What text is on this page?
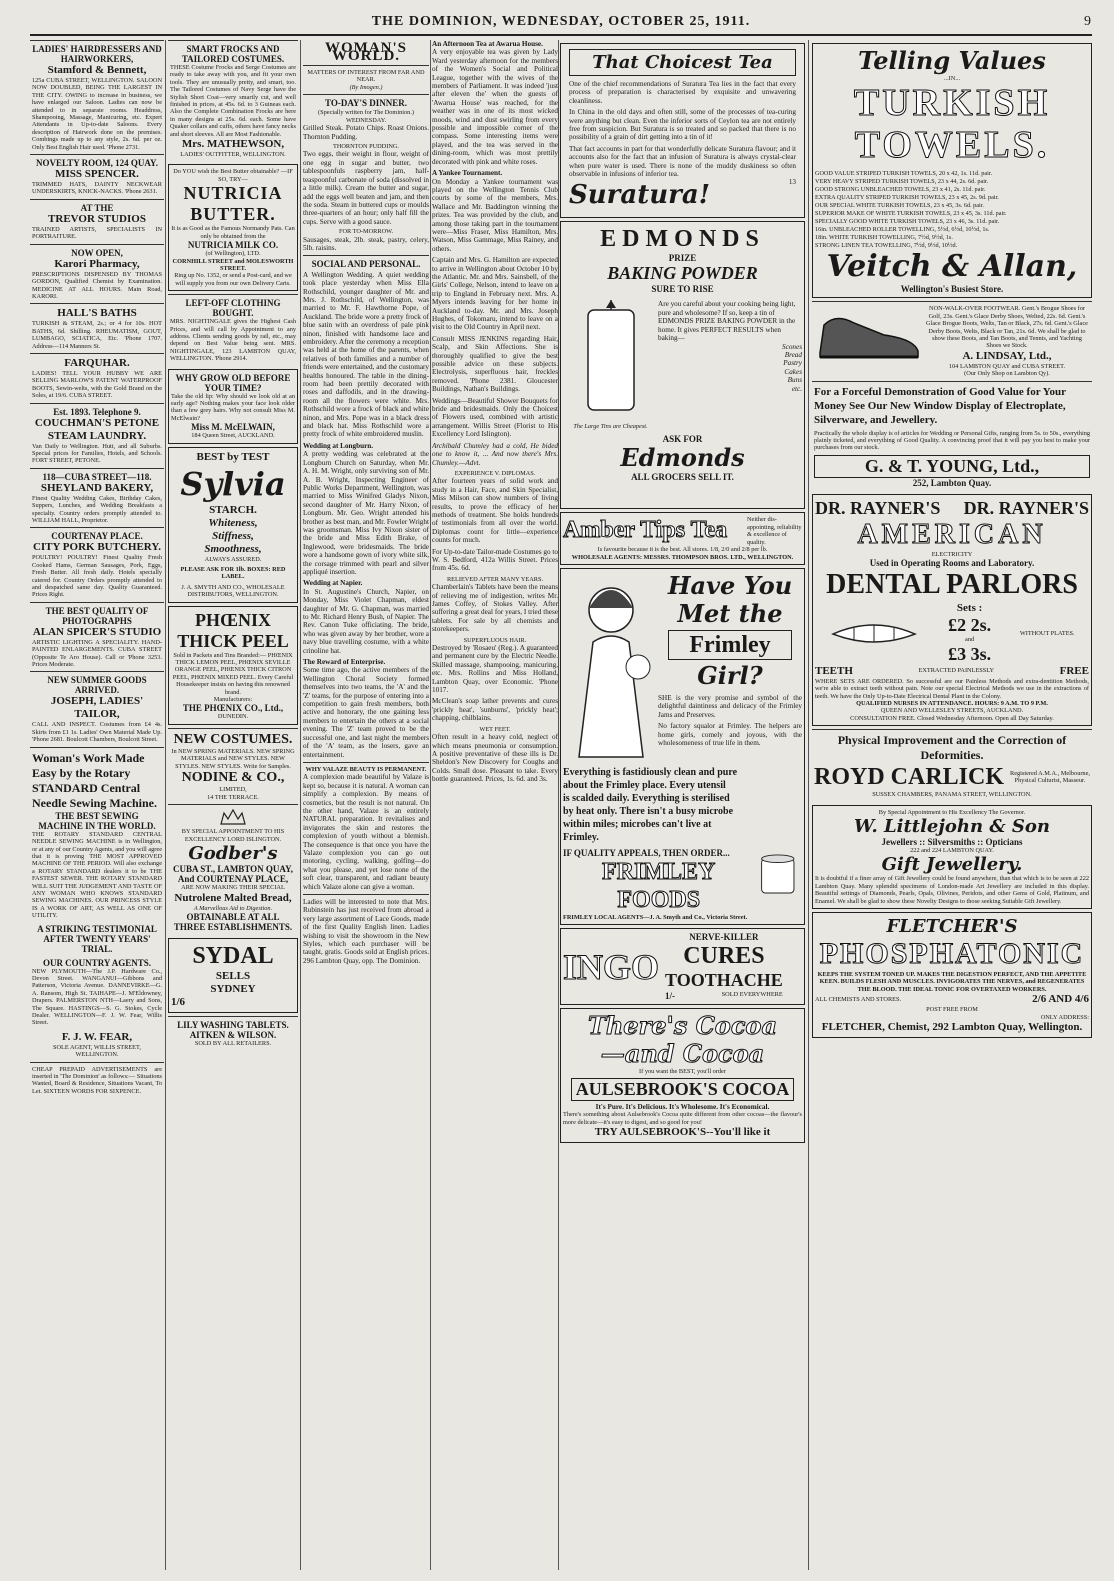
THE DOMINION, WEDNESDAY, OCTOBER 25, 1911.	9
LADIES' HAIRDRESSERS AND HAIRWORKERS,
Stamford & Bennett,
125a CUBA STREET, WELLINGTON. SALOON NOW DOUBLED, BEING THE LARGEST IN THE CITY. OWING to increase in business, we have enlarged our Saloon. Ladies can now be attended to in separate rooms. Headdress, Shampooing, Massage, Manicuring, etc. Expert Attendants in Up-to-date Saloons. Every description of Hairwork done on the premises. Combings made up to any style, 2s. 6d. per oz. Only Best English Hair used. 'Phone 2731.
NOVELTY ROOM, 124 QUAY.
MISS SPENCER.
TRIMMED HATS, DAINTY NECKWEAR UNDERSKIRTS, KNICK-NACKS. 'Phone 2631.
AT THE
TREVOR STUDIOS
TRAINED ARTISTS, SPECIALISTS IN PORTRAITURE.
NOW OPEN,
Karori Pharmacy,
PRESCRIPTIONS DISPENSED BY THOMAS GORDON, Qualified Chemist by Examination. MEDICINE AT ALL HOURS. Main Road, KARORI.
HALL'S BATHS
TURKISH & STEAM, 2s.; or 4 for 10s. HOT BATHS, 6d. Shilling. RHEUMATISM, GOUT, LUMBAGO, SCIATICA, Etc. 'Phone 1707. Address—114 Manners St.
FARQUHAR.
LADIES! TELL YOUR HUBBY WE ARE SELLING MARLOW'S PATENT WATERPROOF BOOTS, Sewin-welts, with the Gold Brand on the Soles, at 19/6. CUBA STREET.
Est. 1893. Telephone 9.
COUCHMAN'S PETONE STEAM LAUNDRY.
Van Daily to Wellington. Hutt, and all Suburbs. Special prices for Families, Hotels, and Schools. FORT STREET, PETONE.
118—CUBA STREET—118.
SHEYLAND BAKERY,
Finest Quality Wedding Cakes, Birthday Cakes, Suppers, Lunches, and Wedding Breakfasts a specialty. Country orders promptly attended to. WILLIAM HALL, Proprietor.
COURTENAY PLACE.
CITY PORK BUTCHERY.
POULTRY! POULTRY! Finest Quality Fresh Cooked Hams, German Sausages, Pork, Eggs, Fresh Butter. All fresh daily. Hotels specially catered for. Country Orders promptly attended to and despatched same day. Quality Guaranteed. Prices Right.
THE BEST QUALITY OF PHOTOGRAPHS
ALAN SPICER'S STUDIO
ARTISTIC LIGHTING A SPECIALITY. HAND-PAINTED ENLARGEMENTS. CUBA STREET (Opposite Te Aro House). Call or 'Phone 3253. Prices Moderate.
NEW SUMMER GOODS ARRIVED.
JOSEPH, LADIES' TAILOR,
CALL AND INSPECT. Costumes from £4 4s. Skirts from £1 1s. Ladies' Own Material Made Up. 'Phone 2681. Boulcott Chambers, Boulcott Street.
Woman's Work Made Easy by the Rotary STANDARD Central Needle Sewing Machine.
THE BEST SEWING MACHINE IN THE WORLD.
THE ROTARY STANDARD CENTRAL NEEDLE SEWING MACHINE is in Wellington, or at any of our Country Agents, and you will agree that it is proving THE MOST APPROVED MACHINE OF THE PERIOD. Will also exchange a ROTARY STANDARD dealers it to be THE FASTEST SEWER. THE ROTARY STANDARD WILL SUIT THE JUDGEMENT AND TASTE OF ANY WOMAN WHO KNOWS STANDARD SEWING MACHINES. OUR PRINCESS STYLE IS A WORK OF ART, AS WELL AS ONE OF UTILITY.
A STRIKING TESTIMONIAL AFTER TWENTY YEARS' TRIAL.
OUR COUNTRY AGENTS.
NEW PLYMOUTH—The J.P. Hardware Co., Devon Street. WANGANUI—Gibbons and Patterson, Victoria Avenue. DANNEVIRKE—G. A. Ransom, High St. TAIHAPE—J. M'Eldowney, Drapers. PALMERSTON NTH—Laery and Sons, The Square. HASTINGS—S. G. Stokes, Cycle Dealer. WELLINGTON—F. J. W. Fear, Willis Street.
F. J. W. FEAR,
SOLE AGENT, WILLIS STREET, WELLINGTON.
CHEAP PREPAID ADVERTISEMENTS are inserted in 'The Dominion' as follows:— Situations Wanted, Board & Residence, Situations Vacant, To Let. SIXTEEN WORDS FOR SIXPENCE.
SMART FROCKS AND TAILORED COSTUMES.
THESE Costume Frocks and Serge Costumes are ready to take away with you, and fit your own tools. They are unusually pretty, and smart, too. The Tailored Costumes of Navy Serge have the Stylish Short Coat—very smartly cut, and well finished in prices, at 45s. 6d. to 3 Guineas each. Also the Complete Combination Frocks are here in many designs at 25s. 6d. each. Some have Quaker collars and cuffs, others have fancy necks and short sleeves. All are Most Fashionable.
Mrs. MATHEWSON,
LADIES' OUTFITTER, WELLINGTON.
Do YOU wish the Best Butter obtainable? —IF SO, TRY—
NUTRICIA BUTTER.
It is as Good as the Famous Normandy Pats. Can only be obtained from the
NUTRICIA MILK CO.
(of Wellington), LTD.
CORNHILL STREET and MOLESWORTH STREET.
Ring up No. 1352, or send a Post-card, and we will supply you from our own Delivery Carts.
LEFT-OFF CLOTHING BOUGHT.
MRS. NIGHTINGALE gives the Highest Cash Prices, and will call by Appointment to any address. Clients sending goods by rail, etc., may depend on Best Value being sent. MRS. NIGHTINGALE, 123 LAMBTON QUAY, WELLINGTON. 'Phone 2914.
WHY GROW OLD BEFORE YOUR TIME?
Take the old lip: Why should we look old at an early age? Nothing makes your face look older than a few grey hairs. Why not consult Miss M. McElwain?
Miss M. McELWAIN,
184 Queen Street, AUCKLAND.
BEST by TEST
Sylvia
STARCH.
Whiteness,
Stiffness,
Smoothness,
ALWAYS ASSURED.
PLEASE ASK FOR 1lb. BOXES: RED LABEL.
J. A. SMYTH AND CO., WHOLESALE DISTRIBUTORS, WELLINGTON.
PHŒNIX THICK PEEL
Sold in Packets and Tins Branded:— PHŒNIX THICK LEMON PEEL, PHŒNIX SEVILLE ORANGE PEEL, PHŒNIX THICK CITRON PEEL, PHŒNIX MIXED PEEL. Every Careful Housekeeper insists on having this renowned brand.
Manufacturers:
THE PHŒNIX CO., Ltd.,
DUNEDIN.
NEW COSTUMES.
In NEW SPRING MATERIALS. NEW SPRING MATERIALS and NEW STYLES. NEW STYLES. NEW STYLES. Write for Samples.
NODINE & CO.,
LIMITED,
14 THE TERRACE.
BY SPECIAL APPOINTMENT TO HIS EXCELLENCY LORD ISLINGTON.
Godber's
CUBA ST., LAMBTON QUAY, And COURTENAY PLACE,
ARE NOW MAKING THEIR SPECIAL
Nutrolene Malted Bread,
A Marvellous Aid to Digestion.
OBTAINABLE AT ALL THREE ESTABLISHMENTS.
SYDAL
SELLS
SYDNEY
1/6
LILY WASHING TABLETS.
AITKEN & WILSON.
SOLD BY ALL RETAILERS.
WOMAN'S WORLD.
MATTERS OF INTEREST FROM FAR AND NEAR.
(By Imogen.)
TO-DAY'S DINNER.
(Specially written for The Dominion.)
WEDNESDAY.
Grilled Steak. Potato Chips. Roast Onions. Thornton Pudding.
THORNTON PUDDING.
Two eggs, their weight in flour, weight of one egg in sugar and butter, two tablespoonfuls raspberry jam, half-teaspoonful carbonate of soda (dissolved in a little milk). Cream the butter and sugar, add the eggs well beaten and jam, and then the soda. Steam in buttered cups or moulds three-quarters of an hour; only half fill the cups. Serve with a good sauce.
FOR TO-MORROW.
Sausages, steak, 2lb. steak, pastry, celery, 5lb. raisins.
SOCIAL AND PERSONAL.
A Wellington Wedding. A quiet wedding took place yesterday when Miss Ella Rothschild, younger daughter of Mr. and Mrs. J. Rothschild, of Wellington, was married to Mr. F. Hawthorne Pope, of Auckland. The bride wore a pretty frock of blue satin with an overdress of pale pink ninon, finished with handsome lace and embroidery. After the ceremony a reception was held at the home of the parents, when relatives of both families and a number of friends were entertained, and the customary healths honoured. The table in the dining-room had been prettily decorated with roses and daffodils, and in the drawing-room all the flowers were white. Mrs. Rothschild wore a frock of black and white ninon, and Mrs. Pope was in a black dress and black hat. Miss Rothschild wore a pretty frock of white embroidered muslin.
Wedding at Longburn.
A pretty wedding was celebrated at the Longburn Church on Saturday, when Mr. A. H. M. Wright, only surviving son of Mr. A. B. Wright, Inspecting Engineer of Public Works Department, Wellington, was married to Miss Winifred Gladys Nixon, second daughter of Mr. Harry Nixon, of Longburn. Mr. Geo. Wright attended his brother as best man, and Mr. Fowler Wright was groomsman. Miss Ivy Nixon sister of the bride and Miss Edith Brake, of Inglewood, were bridesmaids. The bride wore a handsome gown of ivory white silk, the corsage trimmed with pearl and silver appliqué insertion.
Wedding at Napier.
In St. Augustine's Church, Napier, on Monday, Miss Violet Chapman, eldest daughter of Mr. G. Chapman, was married to Mr. Richard Henry Bush, of Napier. The Rev. Canon Tuke officiating. The bride, who was given away by her brother, wore a navy blue travelling costume, with a white crinoline hat.
The Reward of Enterprise.
Some time ago, the active members of the Wellington Choral Society formed themselves into two teams, the 'A' and the 'Z' teams, for the purpose of entering into a competition to gain fresh members, both active and honorary, the one gaining less members to entertain the others at a social evening. The 'Z' team proved to be the successful one, and last night the members of the 'A' team, as the losers, gave an entertainment.
WHY VALAZE BEAUTY IS PERMANENT.
A complexion made beautiful by Valaze is kept so, because it is natural. A woman can simplify a complexion. By means of cosmetics, but the result is not natural. On the other hand, Valaze is an entirely NATURAL preparation. It revitalises and invigorates the skin and restores the complexion of youth without a blemish. The consequence is that once you have the Valaze complexion you can go out motoring, cycling, walking, golfing—do what you please, and yet lose none of the soft clear, transparent, and radiant beauty which Valaze alone can give a woman.
Ladies will be interested to note that Mrs. Rubinstein has just received from abroad a very large assortment of Lace Goods, made of the first Quality English linen. Ladies wishing to visit the showroom in the New Styles, which each purchaser will be taught, gratis. Goods sold at English prices. 296 Lambton Quay, opp. The Dominion.
An Afternoon Tea at Awarua House.
A very enjoyable tea was given by Lady Ward yesterday afternoon for the members of the Women's Social and Political League, together with the wives of the members of Parliament. It was indeed 'just after eleven the' when the guests of 'Awarua House' was reached, for the weather was in one of its most wicked moods, wind and dust swirling from every possible and impossible corner of the compass. Some interesting items were played, and the tea was served in the dining-room, which was most prettily decorated with pink and white roses.
A Yankee Tournament.
On Monday a Yankee tournament was played on the Wellington Tennis Club courts by some of the members, Mrs. Wallace and Mr. Baddington winning the prizes. Tea was provided by the club, and among those taking part in the tournament were—Miss Fraser, Miss Hamilton, Mrs. Watson, Miss Gammage, Miss Rainey, and others.
Captain and Mrs. G. Hamilton are expected to arrive in Wellington about October 10 by the Atlantic. Mr. and Mrs. Sainsbell, of the Girls' College, Nelson, intend to leave on a trip to England in February next. Mrs. A. Myers intends leaving for her home in Auckland to-day. Mr. and Mrs. Joseph Hughes, of Tokomaru, intend to leave on a visit to the Old Country in April next.
Consult MISS JENKINS regarding Hair, Scalp, and Skin Affections. She is thoroughly qualified to give the best possible advice on these subjects. Electrolysis, superfluous hair, freckles removed. 'Phone 2381. Gloucester Buildings, Nathan's Buildings.
Weddings—Beautiful Shower Bouquets for bride and bridesmaids. Only the Choicest of Flowers used, combined with artistic arrangement. Willis Street (Florist to His Excellency Lord Islington).
Archibald Chumley had a cold, He bided one to know it, ... And now there's Mrs. Chumley.—Advt.
EXPERIENCE V. DIPLOMAS.
After fourteen years of solid work and study in a Hair, Face, and Skin Specialist, Miss Milson can show numbers of living results, to prove the efficacy of her methods of treatment. She holds hundreds of testimonials from all over the world. Diplomas count for little—experience counts for much.
For Up-to-date Tailor-made Costumes go to W. S. Bedford, 412a Willis Street. Prices from 45s. 6d.
RELIEVED AFTER MANY YEARS.
Chamberlain's Tablets have been the means of relieving me of indigestion, writes Mr. James Coffey, of Stokes Valley. After suffering a great deal for years, I tried these tablets. For sale by all chemists and storekeepers.
SUPERFLUOUS HAIR.
Destroyed by 'Rosaeu' (Reg.). A guaranteed and permanent cure by the Electric Needle. Skilled massage, shampooing, manicuring, etc. Mrs. Rollins and Miss Holland, Lambton Quay, over Economic. 'Phone 1017.
McClean's soap lather prevents and cures 'prickly heat', 'sunburns', 'prickly heat'; chapping, chilblains.
WET FEET.
Often result in a heavy cold, neglect of which means pneumonia or consumption. A positive preventative of these ills is Dr. Sheldon's New Discovery for Coughs and Colds. Small dose. Pleasant to take. Every bottle guaranteed. Prices, 1s. 6d. and 3s.
That Choicest Tea
One of the chief recommendations of Suratura Tea lies in the fact that every process of preparation is characterised by exquisite and unwavering cleanliness.
In China in the old days and often still, some of the processes of tea-curing were anything but clean. Even the inferior sorts of Ceylon tea are not entirely free from suspicion. But Suratura is so treated and so packed that there is no possibility of a grain of dirt getting into a tin of it!
That fact accounts in part for that wonderfully delicate Suratura flavour; and it accounts also for the fact that an infusion of Suratura is always crystal-clear when pure water is used. There is none of the muddy duskiness so often observable in infusions of inferior tea.
Suratura!	13
EDMONDS
PRIZE
BAKING POWDER
SURE TO RISE
The Large Tins are Cheapest.
Are you careful about your cooking being light, pure and wholesome? If so, keep a tin of EDMONDS PRIZE BAKING POWDER in the home. It gives PERFECT RESULTS when baking—
Scones
Bread
Pastry
Cakes
Buns
etc.
ASK FOR
Edmonds
ALL GROCERS SELL IT.
Amber Tips Tea	Neither dis-appointing, reliability & excellence of quality.
Is favourite because it is the best. All stores. 1/8, 2/0 and 2/8 per lb.
WHOLESALE AGENTS: MESSRS. THOMPSON BROS. LTD., WELLINGTON.
Have You
Met the
Frimley
Girl?
SHE is the very promise and symbol of the delightful daintiness and delicacy of the Frimley Jams and Preserves.
No factory squalor at Frimley. The helpers are home girls, comely and joyous, with the wholesomeness of true life in them.
Everything is fastidiously clean and pure
about the Frimley place. Every utensil
is scalded daily. Everything is sterilised
by heat only. There isn't a busy microbe
within miles; microbes can't live at
Frimley.
IF QUALITY APPEALS, THEN ORDER...
FRIMLEY FOODS
FRIMLEY LOCAL AGENTS—J. A. Smyth and Co., Victoria Street.
INGO
NERVE-KILLER
CURES
TOOTHACHE
1/-	SOLD EVERYWHERE
There's Cocoa
—and Cocoa
If you want the BEST, you'll order
AULSEBROOK'S COCOA
It's Pure. It's Delicious. It's Wholesome. It's Economical.
There's something about Aulsebrook's Cocoa quite different from other cocoas—the flavour's more delicate—it's easy to digest, and so good for you!
TRY AULSEBROOK'S--You'll like it
Telling Values
...IN...
TURKISH
TOWELS.
GOOD VALUE STRIPED TURKISH TOWELS, 20 x 42, 1s. 11d. pair.
VERY HEAVY STRIPED TURKISH TOWELS, 23 x 44, 2s. 6d. pair.
GOOD STRONG UNBLEACHED TOWELS, 23 x 41, 2s. 11d. pair.
EXTRA QUALITY STRIPED TURKISH TOWELS, 23 x 45, 2s. 9d. pair.
OUR SPECIAL WHITE TURKISH TOWELS, 23 x 45, 3s. 6d. pair.
SUPERIOR MAKE OF WHITE TURKISH TOWELS, 23 x 45, 3s. 11d. pair.
SPECIALLY GOOD WHITE TURKISH TOWELS, 23 x 46, 3s. 11d. pair.
16in. UNBLEACHED ROLLER TOWELLING, 5½d, 6½d, 10½d, 1s.
18in. WHITE TURKISH TOWELLING, 7½d, 9½d, 1s.
STRONG LINEN TEA TOWELLING, 7½d, 9½d, 10½d.
Veitch & Allan,
Wellington's Busiest Store.
NON-WALK-OVER FOOTWEAR. Gent.'s Brogue Shoes for Golf, 23s. Gent.'s Glace Derby Shoes, Welted, 22s. 6d. Gent.'s Glace Brogue Boots, Welts, Tan or Black, 27s. 6d. Gent.'s Glace Derby Boots, Welts, Black or Tan, 21s. 6d. We shall be glad to show these Boots, and Tan Boots, and Tennis, and Yachting Shoes we Stock.
A. LINDSAY, Ltd.,
104 LAMBTON QUAY and CUBA STREET.
(Our Only Shop on Lambton Qy).
For a Forceful Demonstration of Good Value for Your Money See Our New Window Display of Electroplate, Silverware, and Jewellery.
Practically the whole display is of articles for Wedding or Personal Gifts, ranging from 5s. to 50s., everything plainly ticketed, and everything of Good Quality. A convincing proof that it will pay you best to make your purchases from our stock.
G. & T. YOUNG, Ltd.,
252, Lambton Quay.
DR. RAYNER'S DR. RAYNER'S
AMERICAN
ELECTRICITY
Used in Operating Rooms and Laboratory.
DENTAL PARLORS
Sets :
£2 2s.
and
£3 3s.
WITHOUT PLATES.
TEETH	EXTRACTED PAINLESSLY	FREE
WHERE SETS ARE ORDERED. So successful are our Painless Methods and extra-dentition Methods, we're able to extract teeth without pain. Note our special Electrical Methods we use in the extractions of teeth. We have the Only Up-to-Date Electrical Dental Plant in the Colony.
QUALIFIED NURSES IN ATTENDANCE. HOURS: 9 A.M. TO 9 P.M.
QUEEN AND WELLESLEY STREETS, AUCKLAND.
CONSULTATION FREE. Closed Wednesday Afternoon. Open all Day Saturday.
Physical Improvement and the Correction of Deformities.
ROYD CARLICK Registered A.M.A., Melbourne, Physical Culturist, Masseur.
SUSSEX CHAMBERS, PANAMA STREET, WELLINGTON.
By Special Appointment to His Excellency The Governor.
W. Littlejohn & Son
Jewellers :: Silversmiths :: Opticians
222 and 224 LAMBTON QUAY.
Gift Jewellery.
It is doubtful if a finer array of Gift Jewellery could be found anywhere, than that which is to be seen at 222 Lambton Quay. Many splendid specimens of London-made Art Jewellery are included in this display. Beautiful settings of Diamonds, Pearls, Opals, Olivines, Peridots, and other Gems of Gold, Platinum, and Enamel. We shall be glad to show these Novelty Designs to those seeking Suitable Gift Jewellery.
FLETCHER'S
PHOSPHATONIC
KEEPS THE SYSTEM TONED UP. MAKES THE DIGESTION PERFECT, AND THE APPETITE KEEN. BUILDS FLESH AND MUSCLES. INVIGORATES THE NERVES, and REGENERATES THE BLOOD. THE IDEAL TONIC FOR OVERTAXED WORKERS.
ALL CHEMISTS AND STORES.	2/6 AND 4/6
POST FREE FROM
ONLY ADDRESS:
FLETCHER, Chemist, 292 Lambton Quay, Wellington.
